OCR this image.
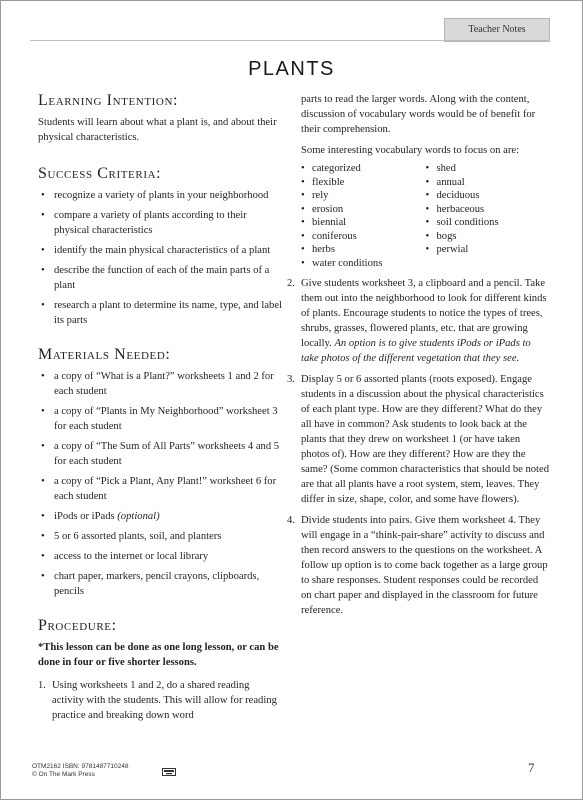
Teacher Notes
PLANTS
Learning Intention:

Students will learn about what a plant is, and about their physical characteristics.

Success Criteria:
• recognize a variety of plants in your neighborhood
• compare a variety of plants according to their physical characteristics
• identify the main physical characteristics of a plant
• describe the function of each of the main parts of a plant
• research a plant to determine its name, type, and label its parts
Materials Needed:
• a copy of “What is a Plant?” worksheets 1 and 2 for each student
• a copy of “Plants in My Neighborhood” worksheet 3 for each student
• a copy of “The Sum of All Parts” worksheets 4 and 5 for each student
• a copy of “Pick a Plant, Any Plant!” worksheet 6 for each student
• iPods or iPads (optional)
• 5 or 6 assorted plants, soil, and planters
• access to the internet or local library
• chart paper, markers, pencil crayons, clipboards, pencils
Procedure:

*This lesson can be done as one long lesson, or can be done in four or five shorter lessons.

1. Using worksheets 1 and 2, do a shared reading activity with the students. This will allow for reading practice and breaking down word

parts to read the larger words. Along with the content, discussion of vocabulary words would be of benefit for their comprehension.

Some interesting vocabulary words to focus on are:

• categorized
• flexible
• rely
• erosion
• biennial
• coniferous
• herbs
• water conditions
• shed
• annual
• deciduous
• herbaceous
• soil conditions
• bogs
• perwial
2. Give students worksheet 3, a clipboard and a pencil. Take them out into the neighborhood to look for different kinds of plants. Encourage students to notice the types of trees, shrubs, grasses, flowered plants, etc. that are growing locally. An option is to give students iPods or iPads to take photos of the different vegetation that they see.
3. Display 5 or 6 assorted plants (roots exposed). Engage students in a discussion about the physical characteristics of each plant type. How are they different? What do they all have in common? Ask students to look back at the plants that they drew on worksheet 1 (or have taken photos of). How are they different? How are they the same? (Some common characteristics that should be noted are that all plants have a root system, stem, leaves. They differ in size, shape, color, and some have flowers).
4. Divide students into pairs. Give them worksheet 4. They will engage in a “think-pair-share” activity to discuss and then record answers to the questions on the worksheet. A follow up option is to come back together as a large group to share responses. Student responses could be recorded on chart paper and displayed in the classroom for future reference.
OTM2162 ISBN: 9781487710248
© On The Mark Press	7
